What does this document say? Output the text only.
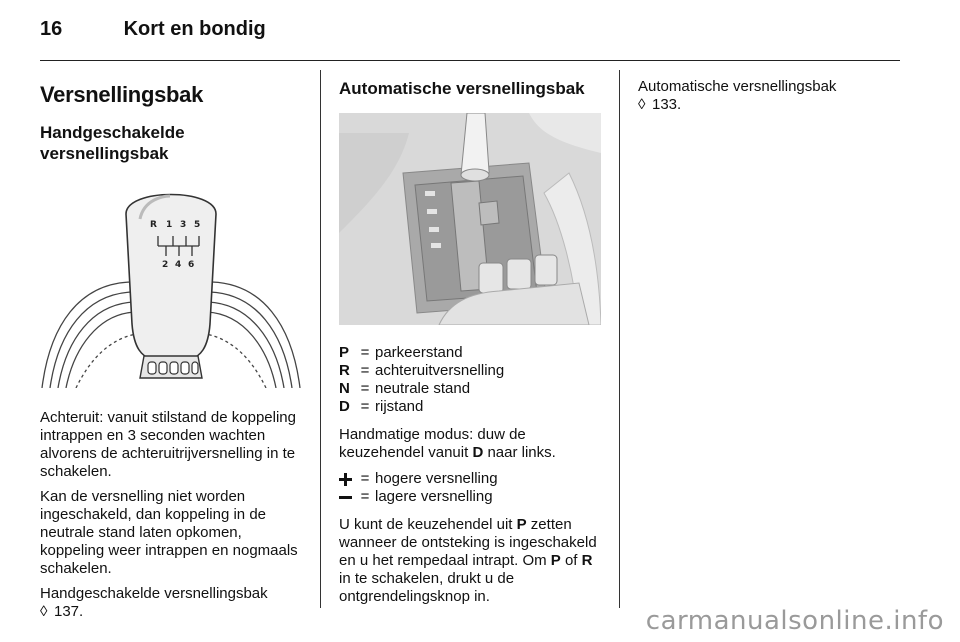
16	Kort en bondig
Versnellingsbak
Handgeschakelde versnellingsbak
R 1 3 5
2 4 6

Achteruit: vanuit stilstand de koppeling intrappen en 3 seconden wachten alvorens de achteruitrijversnelling in te schakelen.

Kan de versnelling niet worden ingeschakeld, dan koppeling in de neutrale stand laten opkomen, koppeling weer intrappen en nogmaals schakelen.

Handgeschakelde versnellingsbak
◊ 137.

Automatische versnellingsbak
P = parkeerstand
R = achteruitversnelling
N = neutrale stand
D = rijstand

Handmatige modus: duw de keuzehendel vanuit D naar links.

= hogere versnelling
= lagere versnelling

U kunt de keuzehendel uit P zetten wanneer de ontsteking is ingeschakeld en u het rempedaal intrapt. Om P of R in te schakelen, drukt u de ontgrendelingsknop in.

Automatische versnellingsbak
◊ 133.

carmanualsonline.info
